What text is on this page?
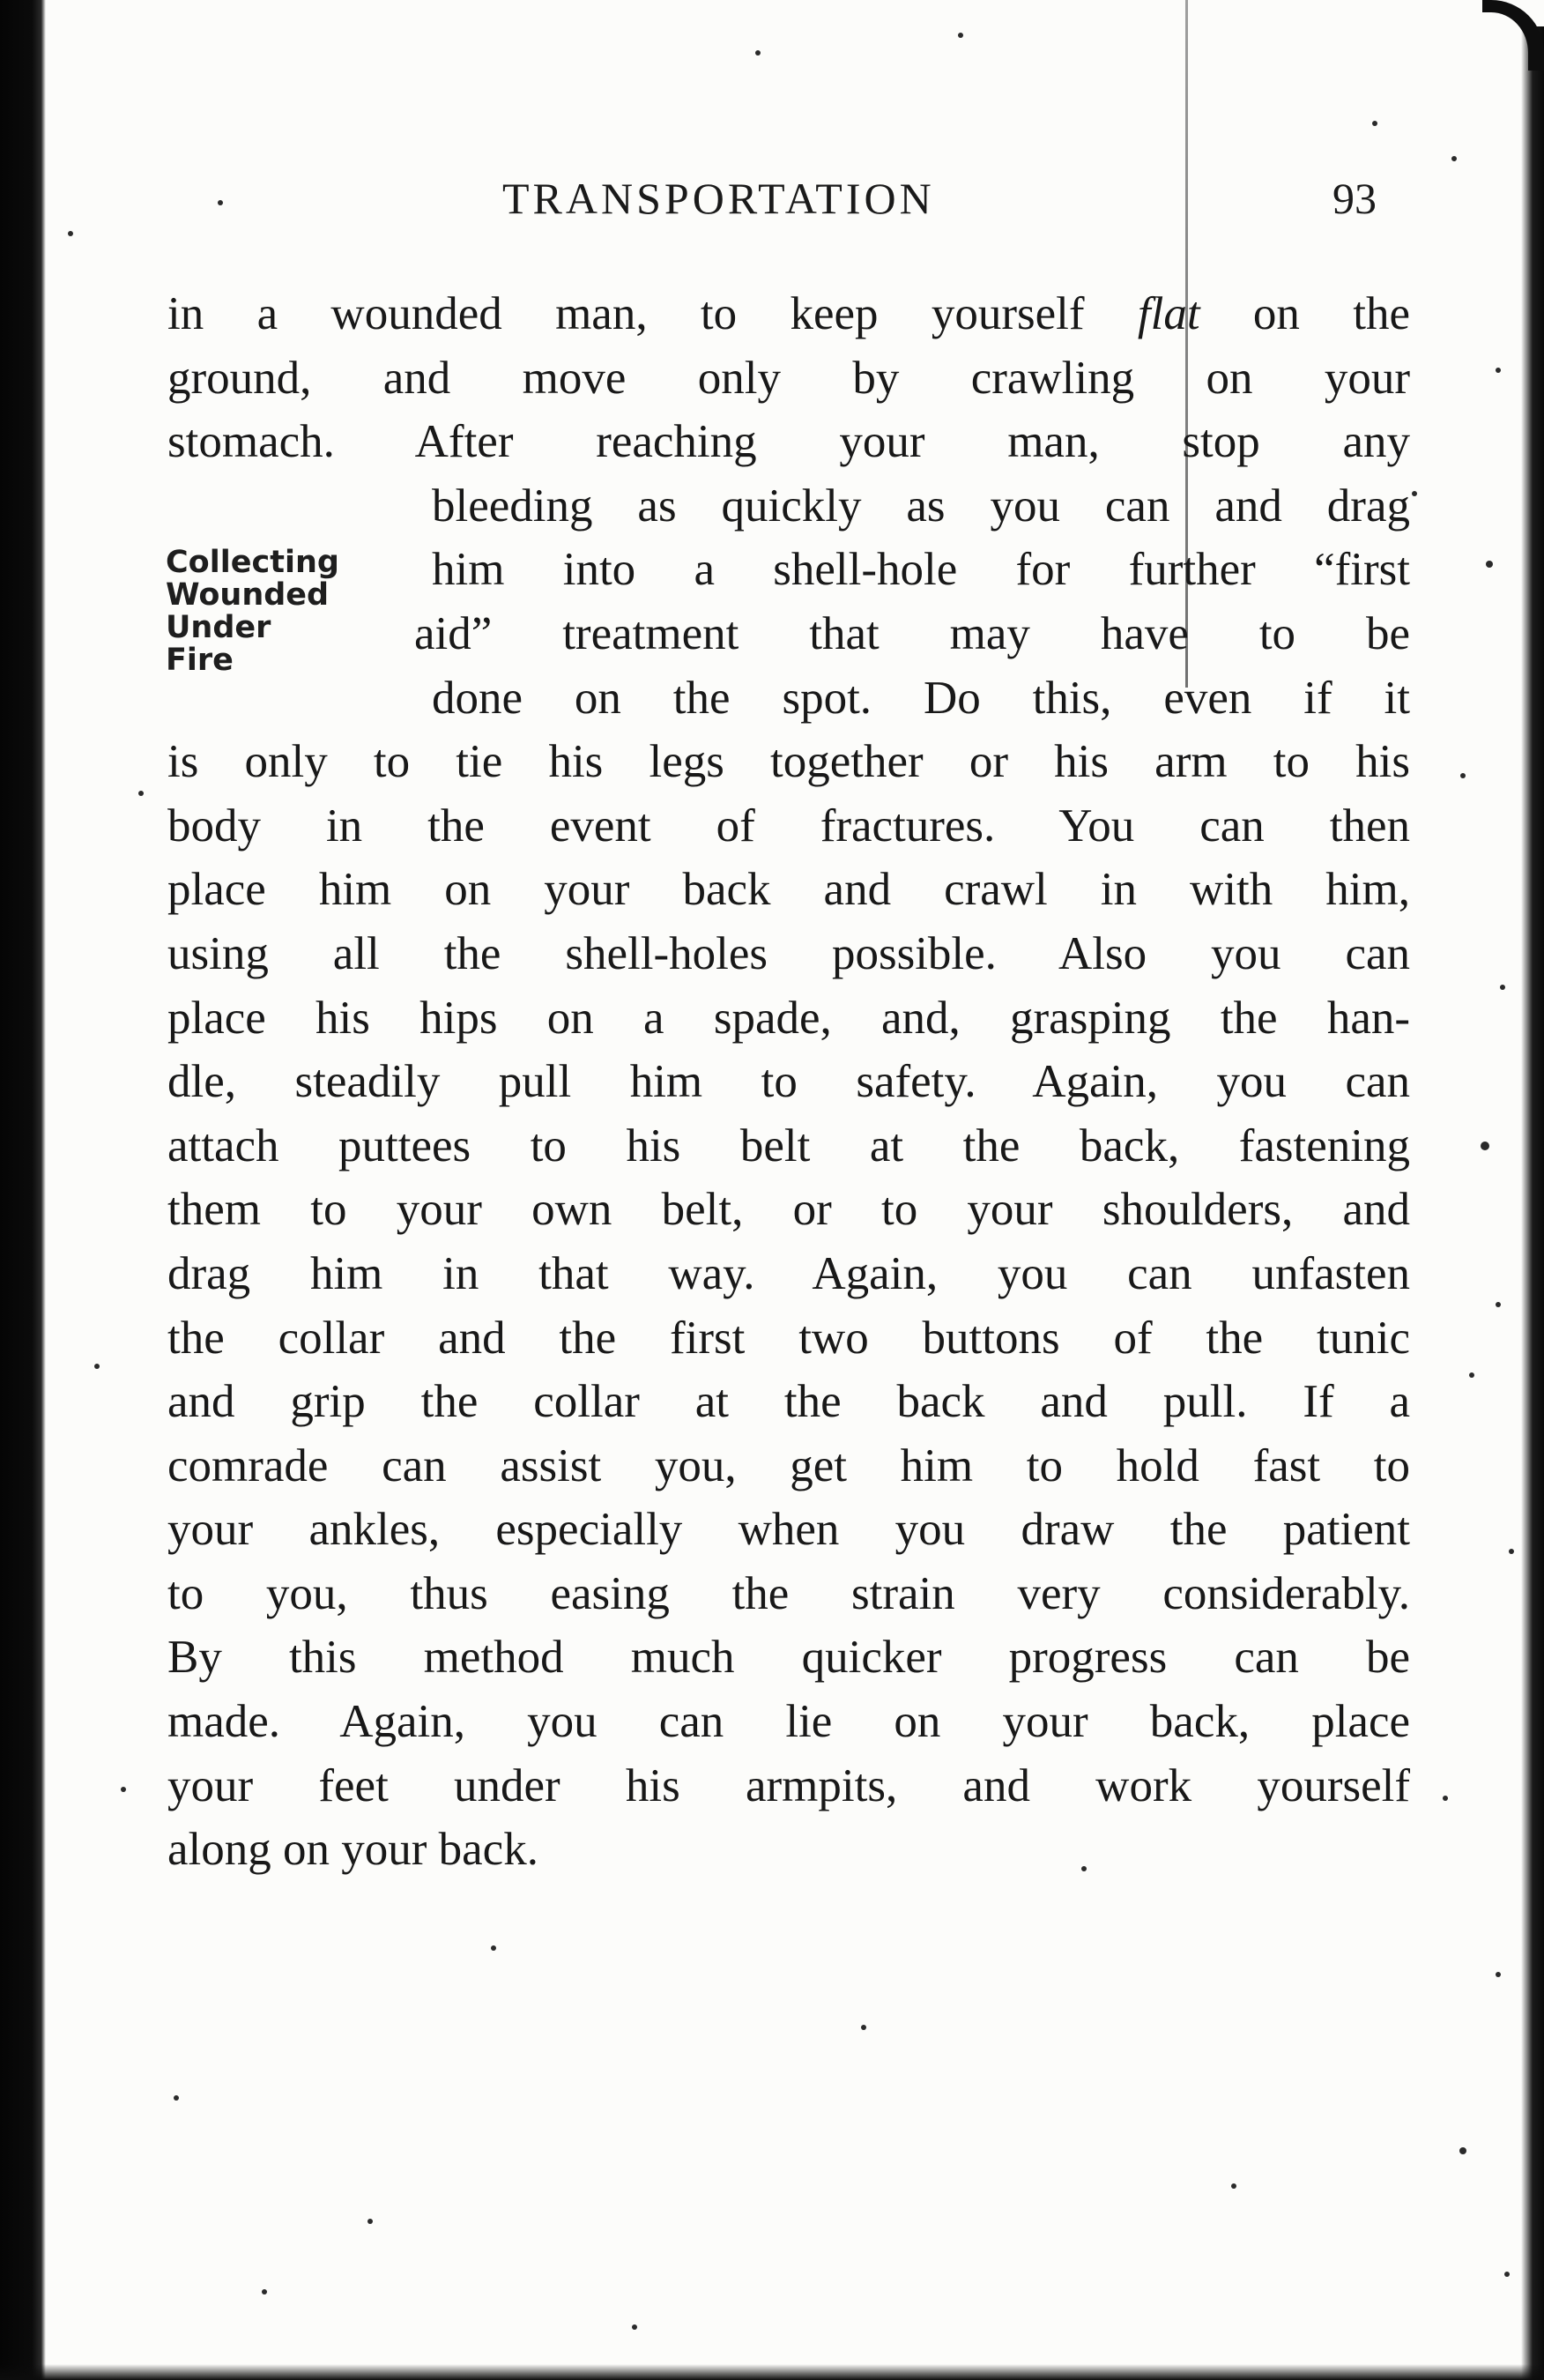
TRANSPORTATION	93
Collecting
Wounded
Under
Fire
in a wounded man, to keep yourself flat on the
ground, and move only by crawling on your
stomach. After reaching your man, stop any
bleeding as quickly as you can and drag
him into a shell-hole for further “first
aid” treatment that may have to be
done on the spot. Do this, even if it
is only to tie his legs together or his arm to his
body in the event of fractures. You can then
place him on your back and crawl in with him,
using all the shell-holes possible. Also you can
place his hips on a spade, and, grasping the han-
dle, steadily pull him to safety. Again, you can
attach puttees to his belt at the back, fastening
them to your own belt, or to your shoulders, and
drag him in that way. Again, you can unfasten
the collar and the first two buttons of the tunic
and grip the collar at the back and pull. If a
comrade can assist you, get him to hold fast to
your ankles, especially when you draw the patient
to you, thus easing the strain very considerably.
By this method much quicker progress can be
made. Again, you can lie on your back, place
your feet under his armpits, and work yourself
along on your back.
